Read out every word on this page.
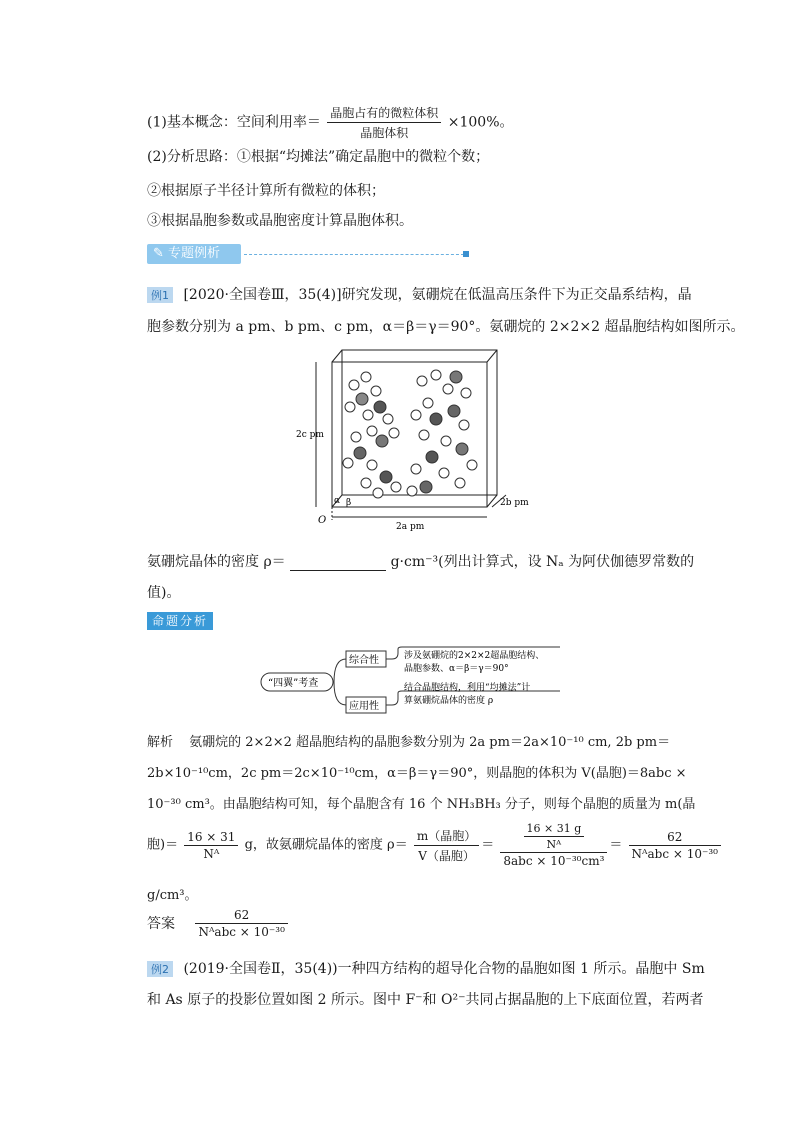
(1)基本概念：空间利用率＝ $\frac{\text{晶胞占有的微粒体积}}{\text{晶胞体积}} \times 100\%$。
(2)分析思路：①根据“均摊法”确定晶胞中的微粒个数；
②根据原子半径计算所有微粒的体积；
③根据晶胞参数或晶胞密度计算晶胞体积。
✎ 专题例析
例1 [2020·全国卷Ⅲ，35(4)]研究发现，氨硼烷在低温高压条件下为正交晶系结构，晶
胞参数分别为 a pm、b pm、c pm，α＝β＝γ＝90°。氨硼烷的 2×2×2 超晶胞结构如图所示。
2c pm
2a pm
2b pm
O
α β
氨硼烷晶体的密度 ρ＝	g·cm⁻³(列出计算式，设 Nₐ 为阿伏伽德罗常数的
值)。
命题分析
“四翼”考查
综合性
应用性
涉及氨硼烷的2×2×2超晶胞结构、
晶胞参数、α＝β＝γ＝90°
结合晶胞结构，利用“均摊法”计
算氨硼烷晶体的密度 ρ
解析 氨硼烷的 2×2×2 超晶胞结构的晶胞参数分别为 2a pm＝2a×10⁻¹⁰ cm, 2b pm＝
2b×10⁻¹⁰cm，2c pm＝2c×10⁻¹⁰cm，α＝β＝γ＝90°，则晶胞的体积为 V(晶胞)＝8abc ×
10⁻³⁰ cm³。由晶胞结构可知，每个晶胞含有 16 个 NH₃BH₃ 分子，则每个晶胞的质量为 m(晶
胞)＝ $\frac{16 \times 31}{\text{Nᴬ}}$ g，故氨硼烷晶体的密度 $\rho= \frac{\text{m（晶胞）}}{\text{V（晶胞）}} = \frac{\frac{16 \times 31 g}{\text{Nᴬ}}}{\text{8abc × 10⁻³⁰cm³}} = \frac{62}{\text{Nᴬabc × 10⁻³⁰}}$
g/cm³。
答案 $\frac{62}{\text{Nᴬabc × 10⁻³⁰}}$
例2 (2019·全国卷Ⅱ，35(4))一种四方结构的超导化合物的晶胞如图 1 所示。晶胞中 Sm
和 As 原子的投影位置如图 2 所示。图中 F⁻和 O²⁻共同占据晶胞的上下底面位置，若两者
